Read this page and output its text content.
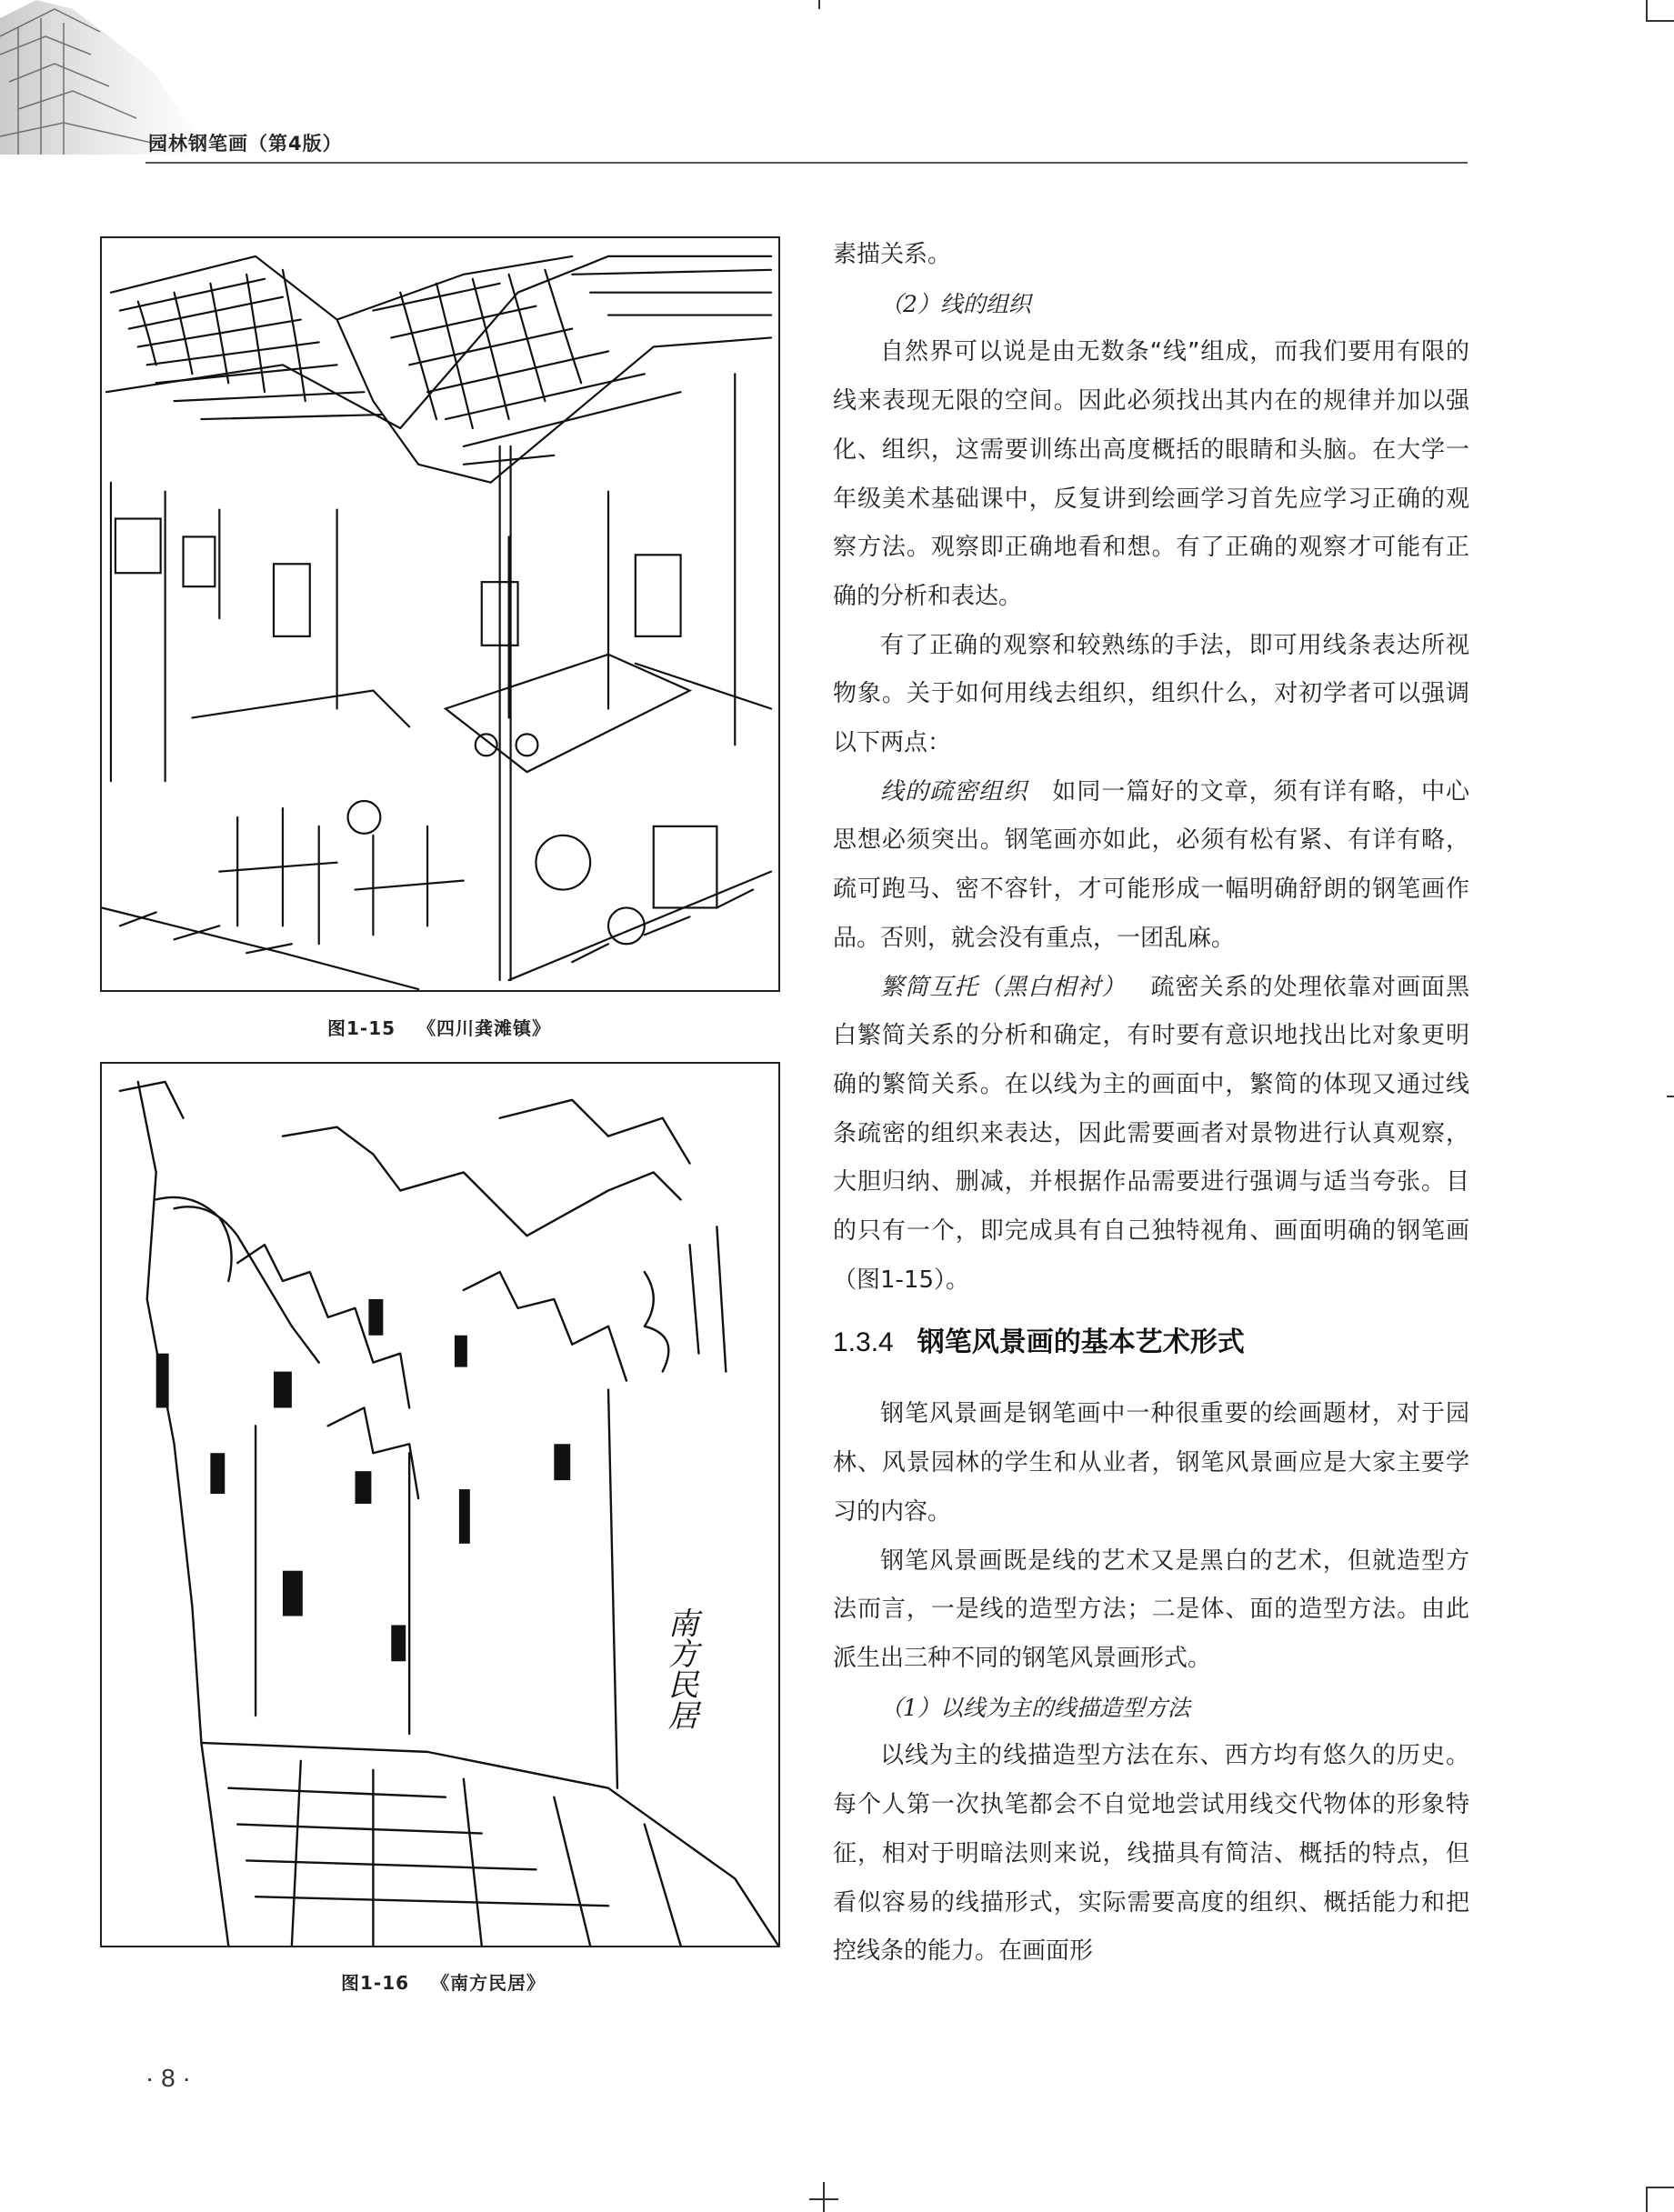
园林钢笔画（第4版）
图1-15 《四川龚滩镇》
南方民居
图1-16 《南方民居》

素描关系。

（2）线的组织

自然界可以说是由无数条“线”组成，而我们要用有限的线来表现无限的空间。因此必须找出其内在的规律并加以强化、组织，这需要训练出高度概括的眼睛和头脑。在大学一年级美术基础课中，反复讲到绘画学习首先应学习正确的观察方法。观察即正确地看和想。有了正确的观察才可能有正确的分析和表达。

有了正确的观察和较熟练的手法，即可用线条表达所视物象。关于如何用线去组织，组织什么，对初学者可以强调以下两点：

线的疏密组织  如同一篇好的文章，须有详有略，中心思想必须突出。钢笔画亦如此，必须有松有紧、有详有略，疏可跑马、密不容针，才可能形成一幅明确舒朗的钢笔画作品。否则，就会没有重点，一团乱麻。

繁简互托（黑白相衬）  疏密关系的处理依靠对画面黑白繁简关系的分析和确定，有时要有意识地找出比对象更明确的繁简关系。在以线为主的画面中，繁简的体现又通过线条疏密的组织来表达，因此需要画者对景物进行认真观察，大胆归纳、删减，并根据作品需要进行强调与适当夸张。目的只有一个，即完成具有自己独特视角、画面明确的钢笔画（图1-15）。

1.3.4 钢笔风景画的基本艺术形式

钢笔风景画是钢笔画中一种很重要的绘画题材，对于园林、风景园林的学生和从业者，钢笔风景画应是大家主要学习的内容。

钢笔风景画既是线的艺术又是黑白的艺术，但就造型方法而言，一是线的造型方法；二是体、面的造型方法。由此派生出三种不同的钢笔风景画形式。

（1）以线为主的线描造型方法

以线为主的线描造型方法在东、西方均有悠久的历史。每个人第一次执笔都会不自觉地尝试用线交代物体的形象特征，相对于明暗法则来说，线描具有简洁、概括的特点，但看似容易的线描形式，实际需要高度的组织、概括能力和把控线条的能力。在画面形

· 8 ·
